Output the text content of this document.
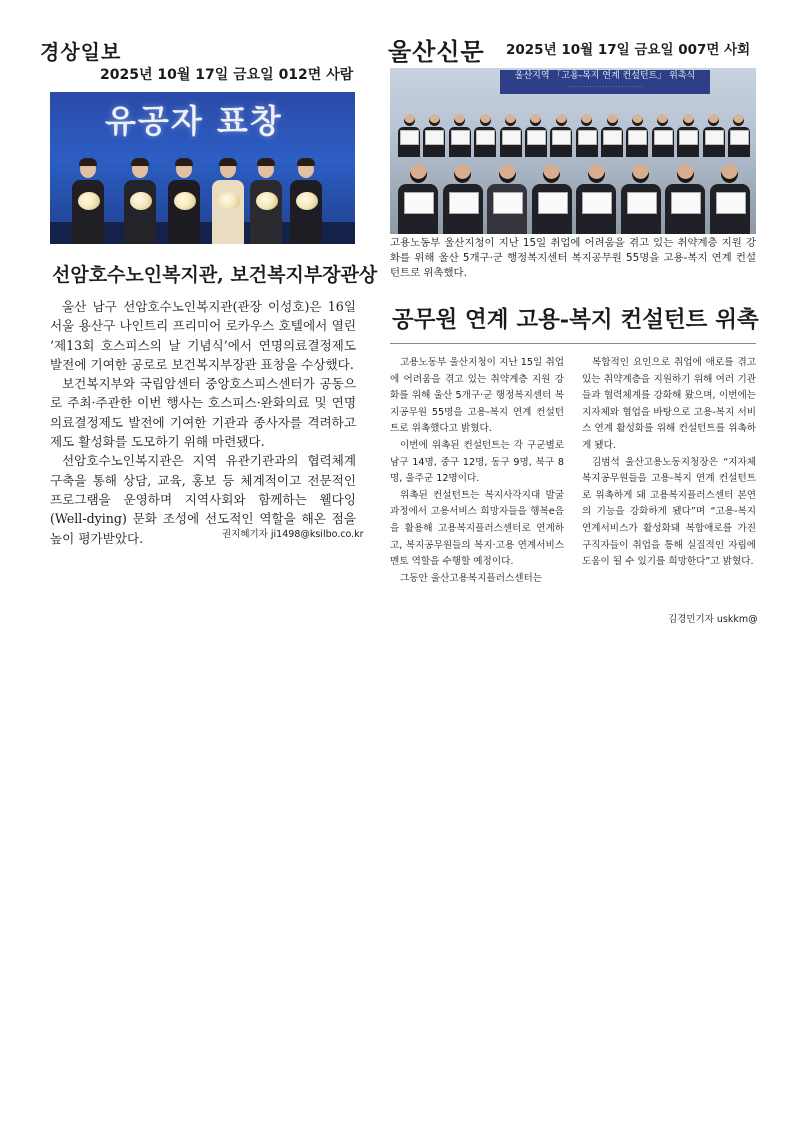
경상일보
2025년 10월 17일 금요일 012면 사람
유공자 표창
선암호수노인복지관, 보건복지부장관상

울산 남구 선암호수노인복지관(관장 이성호)은 16일 서울 용산구 나인트리 프리미어 로카우스 호텔에서 열린 ‘제13회 호스피스의 날 기념식’에서 연명의료결정제도 발전에 기여한 공로로 보건복지부장관 표창을 수상했다.

보건복지부와 국립암센터 중앙호스피스센터가 공동으로 주최·주관한 이번 행사는 호스피스·완화의료 및 연명의료결정제도 발전에 기여한 기관과 종사자를 격려하고 제도 활성화를 도모하기 위해 마련됐다.

선암호수노인복지관은 지역 유관기관과의 협력체계 구축을 통해 상담, 교육, 홍보 등 체계적이고 전문적인 프로그램을 운영하며 지역사회와 함께하는 웰다잉(Well-dying) 문화 조성에 선도적인 역할을 해온 점을 높이 평가받았다.	권지혜기자 ji1498@ksilbo.co.kr
울산신문 2025년 10월 17일 금요일 007면 사회
울산지역 「고용-복지 연계 컨설턴트」 위촉식
· · · · · · · · · · · · · · · · · · · · · · · ·
고용노동부 울산지청이 지난 15일 취업에 어려움을 겪고 있는 취약계층 지원 강화를 위해 울산 5개구·군 행정복지센터 복지공무원 55명을 고용-복지 연계 컨설턴트로 위촉했다.
공무원 연계 고용-복지 컨설턴트 위촉

고용노동부 울산지청이 지난 15일 취업에 어려움을 겪고 있는 취약계층 지원 강화를 위해 울산 5개구·군 행정복지센터 복지공무원 55명을 고용-복지 연계 컨설턴트로 위촉했다고 밝혔다.

이번에 위촉된 컨설턴트는 각 구군별로 남구 14명, 중구 12명, 동구 9명, 북구 8명, 울주군 12명이다.

위촉된 컨설턴트는 복지사각지대 발굴과정에서 고용서비스 희망자들을 행복e음을 활용해 고용복지플러스센터로 연계하고, 복지공무원들의 복지·고용 연계서비스 멘토 역할을 수행할 예정이다.

그동안 울산고용복지플러스센터는

복합적인 요인으로 취업에 애로를 겪고 있는 취약계층을 지원하기 위해 여러 기관들과 협력체계를 강화해 왔으며, 이번에는 지자체와 협업을 바탕으로 고용-복지 서비스 연계 활성화를 위해 컨설턴트를 위촉하게 됐다.

김범석 울산고용노동지청장은 “지자체 복지공무원들을 고용-복지 연계 컨설턴트로 위촉하게 돼 고용복지플러스센터 본연의 기능을 강화하게 됐다”며 “고용-복지 연계서비스가 활성화돼 복합애로를 가진 구직자들이 취업을 통해 실질적인 자립에 도움이 될 수 있기를 희망한다”고 밝혔다.

김경민기자 uskkm@
